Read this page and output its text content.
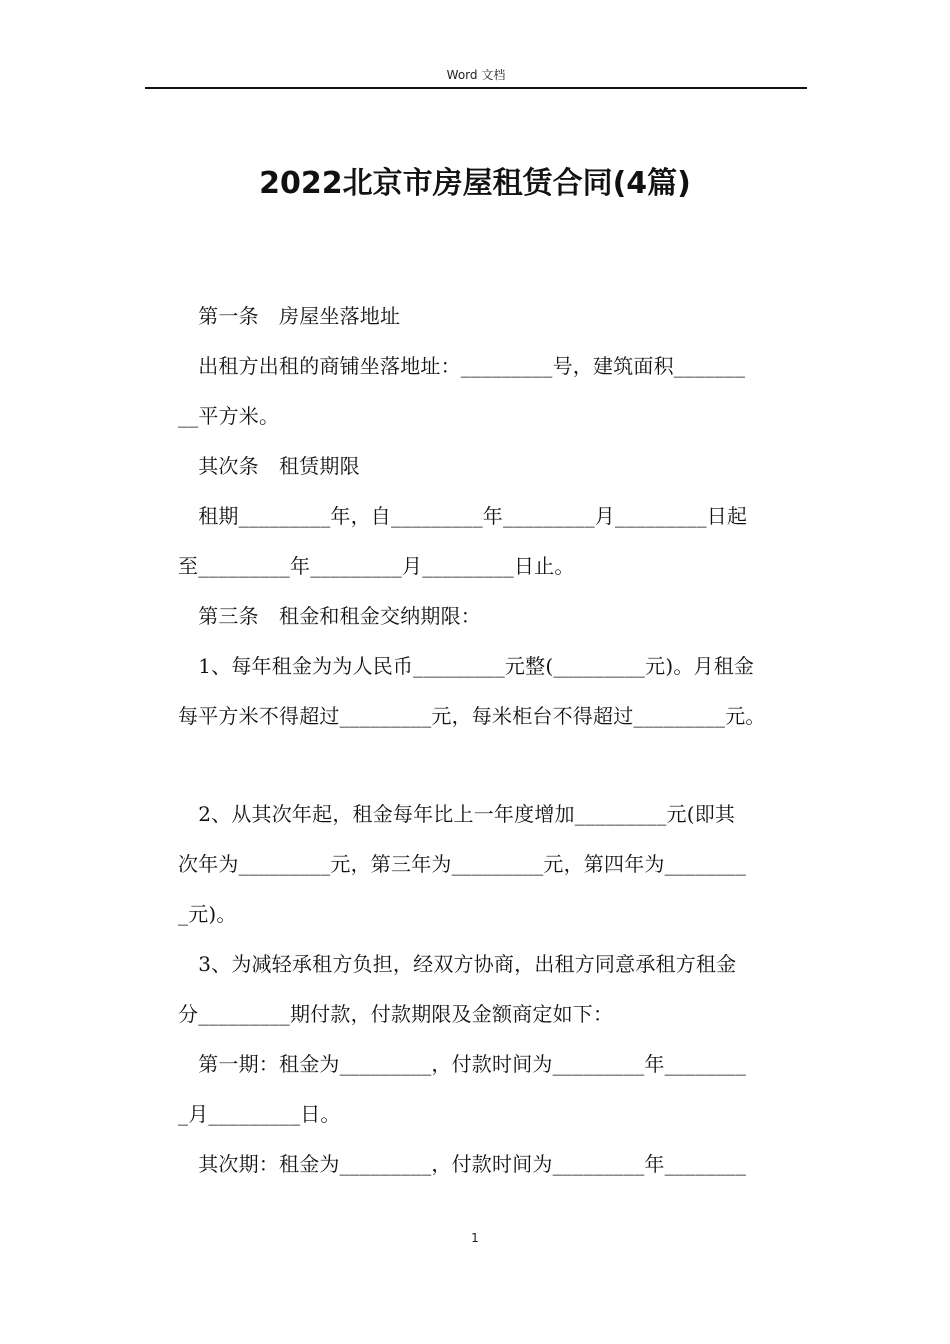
Word 文档
2022北京市房屋租赁合同(4篇)
　第一条　房屋坐落地址
　出租方出租的商铺坐落地址：_________号，建筑面积_______
__平方米。
　其次条　租赁期限
　租期_________年，自_________年_________月_________日起
至_________年_________月_________日止。
　第三条　租金和租金交纳期限：
　1、每年租金为为人民币_________元整(_________元)。月租金
每平方米不得超过_________元，每米柜台不得超过_________元。
　2、从其次年起，租金每年比上一年度增加_________元(即其
次年为_________元，第三年为_________元，第四年为________
_元)。
　3、为减轻承租方负担，经双方协商，出租方同意承租方租金
分_________期付款，付款期限及金额商定如下：
　第一期：租金为_________，付款时间为_________年________
_月_________日。
　其次期：租金为_________，付款时间为_________年________
1
